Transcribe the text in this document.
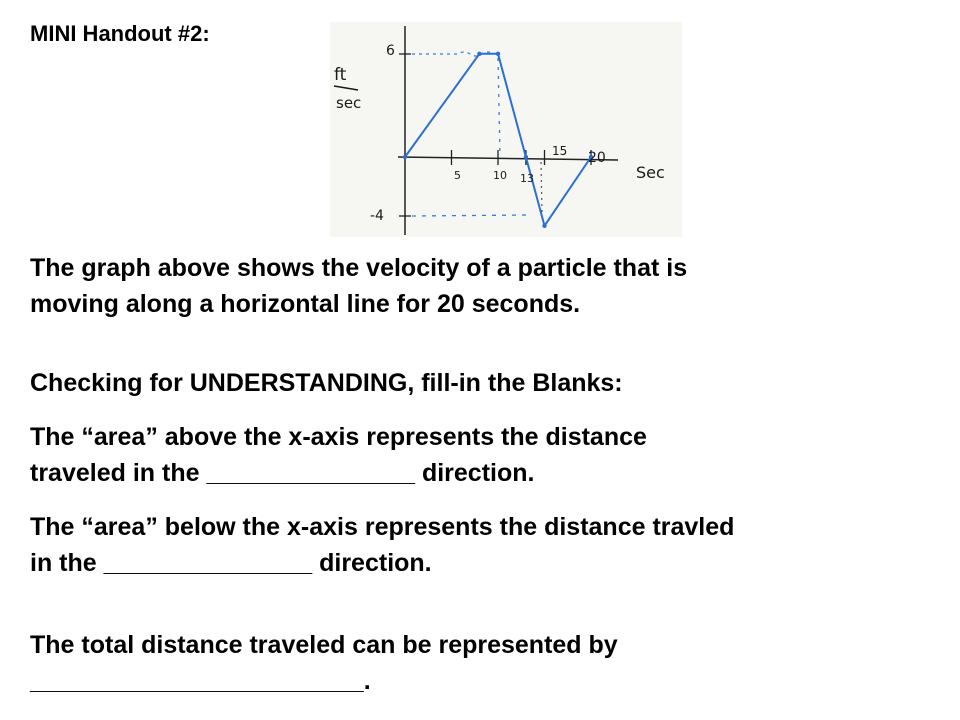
MINI Handout #2:
ft
sec
6
-4
5	10 13
15 20
Sec
The graph above shows the velocity of a particle that is
moving along a horizontal line for 20 seconds.
Checking for UNDERSTANDING, fill-in the Blanks:
The “area” above the x-axis represents the distance
traveled in the _______________ direction.
The “area” below the x-axis represents the distance travled
in the _______________ direction.
The total distance traveled can be represented by
________________________.
